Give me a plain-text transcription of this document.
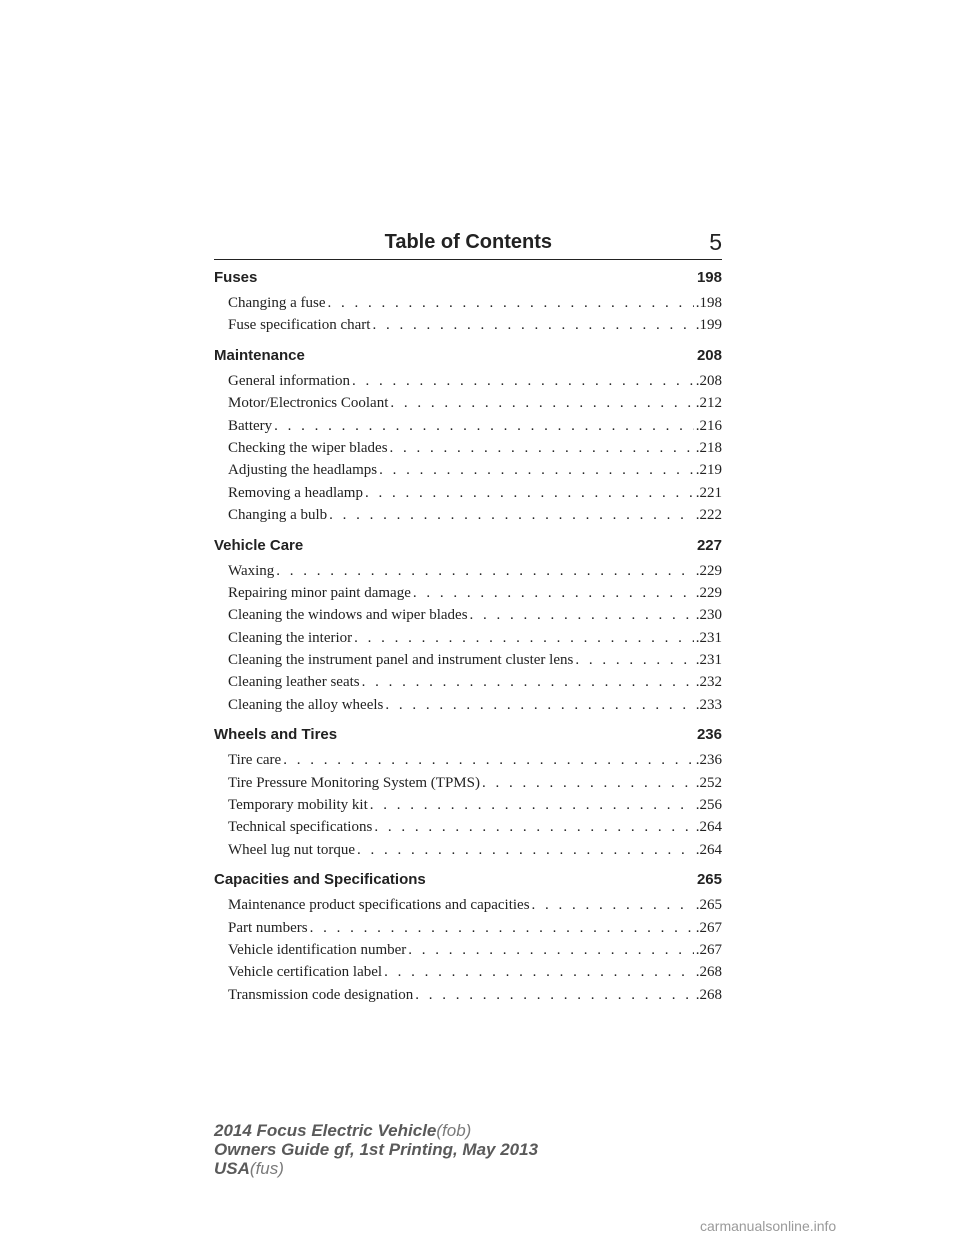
Table of Contents	5
Fuses	198
Changing a fuse . . .	.198
Fuse specification chart . . .	.199
Maintenance	208
General information . . .	.208
Motor/Electronics Coolant . . .	.212
Battery . . .	.216
Checking the wiper blades . . .	.218
Adjusting the headlamps . . .	.219
Removing a headlamp . . .	.221
Changing a bulb . . .	.222
Vehicle Care	227
Waxing . . .	.229
Repairing minor paint damage . . .	.229
Cleaning the windows and wiper blades . . .	.230
Cleaning the interior . . .	.231
Cleaning the instrument panel and instrument cluster lens . . .	.231
Cleaning leather seats . . .	.232
Cleaning the alloy wheels . . .	.233
Wheels and Tires	236
Tire care . . .	.236
Tire Pressure Monitoring System (TPMS) . . .	.252
Temporary mobility kit . . .	.256
Technical specifications . . .	.264
Wheel lug nut torque . . .	.264
Capacities and Specifications	265
Maintenance product specifications and capacities . . .	.265
Part numbers . . .	.267
Vehicle identification number . . .	.267
Vehicle certification label . . .	.268
Transmission code designation . . .	.268
2014 Focus Electric Vehicle(fob)
Owners Guide gf, 1st Printing, May 2013
USA(fus)
carmanualsonline.info
